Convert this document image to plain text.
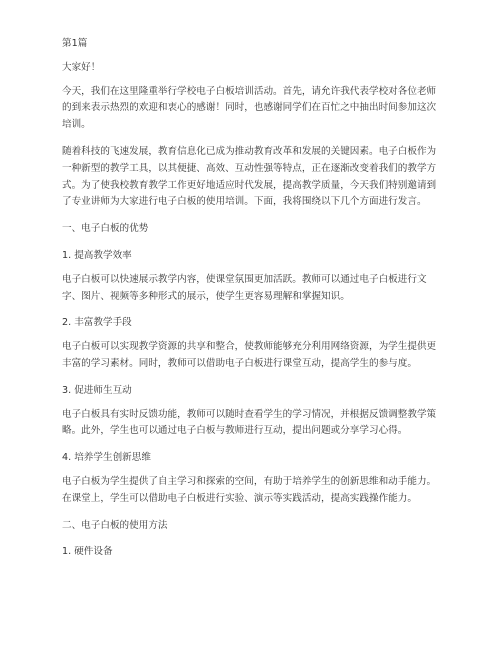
第1篇

大家好！

今天，我们在这里隆重举行学校电子白板培训活动。首先，请允许我代表学校对各位老师的到来表示热烈的欢迎和衷心的感谢！同时，也感谢同学们在百忙之中抽出时间参加这次培训。

随着科技的飞速发展，教育信息化已成为推动教育改革和发展的关键因素。电子白板作为一种新型的教学工具，以其便捷、高效、互动性强等特点，正在逐渐改变着我们的教学方式。为了使我校教育教学工作更好地适应时代发展，提高教学质量，今天我们特别邀请到了专业讲师为大家进行电子白板的使用培训。下面，我将围绕以下几个方面进行发言。

一、电子白板的优势

1. 提高教学效率

电子白板可以快速展示教学内容，使课堂氛围更加活跃。教师可以通过电子白板进行文字、图片、视频等多种形式的展示，使学生更容易理解和掌握知识。

2. 丰富教学手段

电子白板可以实现教学资源的共享和整合，使教师能够充分利用网络资源，为学生提供更丰富的学习素材。同时，教师可以借助电子白板进行课堂互动，提高学生的参与度。

3. 促进师生互动

电子白板具有实时反馈功能，教师可以随时查看学生的学习情况，并根据反馈调整教学策略。此外，学生也可以通过电子白板与教师进行互动，提出问题或分享学习心得。

4. 培养学生创新思维

电子白板为学生提供了自主学习和探索的空间，有助于培养学生的创新思维和动手能力。在课堂上，学生可以借助电子白板进行实验、演示等实践活动，提高实践操作能力。

二、电子白板的使用方法

1. 硬件设备
